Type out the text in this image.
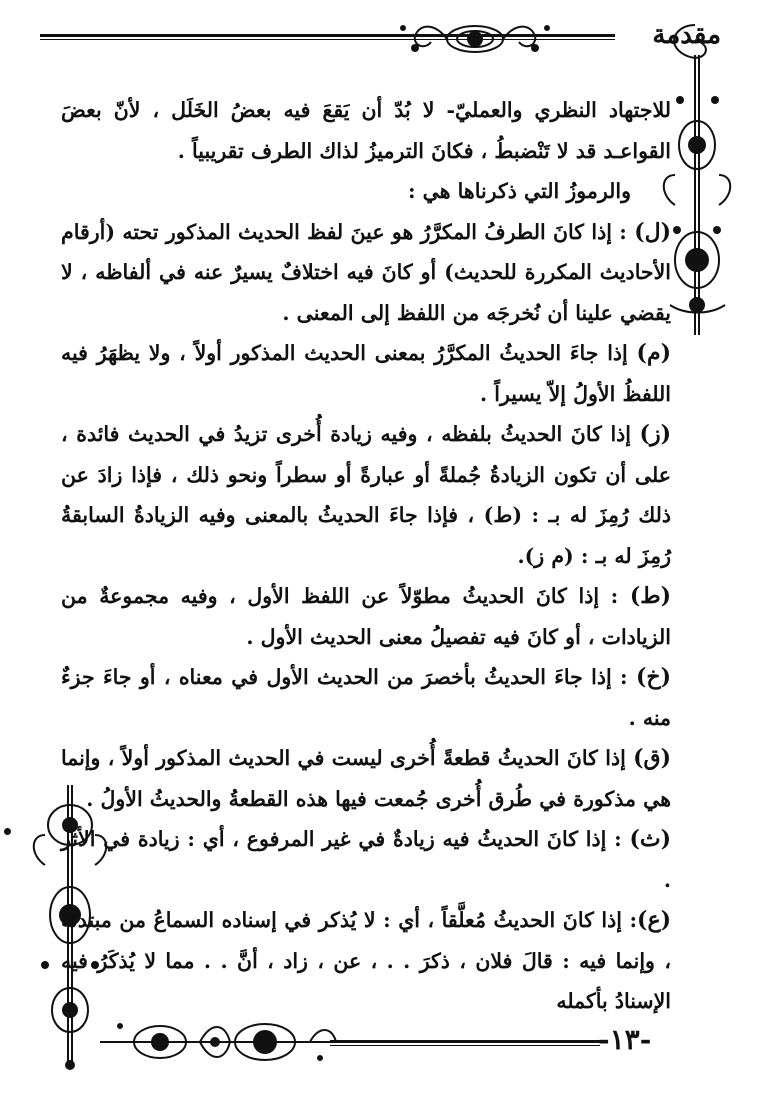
مقدمة

للاجتهاد النظري والعمليّ- لا بُدّ أن يَقعَ فيه بعضُ الخَلَل ، لأنّ بعضَ القواعـد قد لا تَنْضبطُ ، فكانَ الترميزُ لذاك الطرف تقريبياً .

والرموزُ التي ذكرناها هي :

(ل) : إذا كانَ الطرفُ المكرَّرُ هو عينَ لفظ الحديث المذكور تحته (أرقام الأحاديث المكررة للحديث) أو كانَ فيه اختلافٌ يسيرٌ عنه في ألفاظه ، لا يقضي علينا أن نُخرجَه من اللفظ إلى المعنى .

(م) إذا جاءَ الحديثُ المكرَّرُ بمعنى الحديث المذكور أولاً ، ولا يظهَرُ فيه اللفظُ الأولُ إلاّ يسيراً .

(ز) إذا كانَ الحديثُ بلفظه ، وفيه زيادة أُخرى تزيدُ في الحديث فائدة ، على أن تكون الزيادةُ جُملةً أو عبارةً أو سطراً ونحو ذلك ، فإذا زادَ عن ذلك رُمِزَ له بـ : (ط) ، فإذا جاءَ الحديثُ بالمعنى وفيه الزيادةُ السابقةُ رُمِزَ له بـ : (م ز).

(ط) : إذا كانَ الحديثُ مطوّلاً عن اللفظ الأول ، وفيه مجموعةٌ من الزيادات ، أو كانَ فيه تفصيلُ معنى الحديث الأول .

(خ) : إذا جاءَ الحديثُ بأخصرَ من الحديث الأول في معناه ، أو جاءَ جزءٌ منه .

(ق) إذا كانَ الحديثُ قطعةً أُخرى ليست في الحديث المذكور أولاً ، وإنما هي مذكورة في طُرق أُخرى جُمعت فيها هذه القطعةُ والحديثُ الأولُ .

(ث) : إذا كانَ الحديثُ فيه زيادةٌ في غير المرفوع ، أي : زيادة في الأثر .

(ع): إذا كانَ الحديثُ مُعلَّقاً ، أي : لا يُذكر في إسناده السماعُ من مبتدئه ، وإنما فيه : قالَ فلان ، ذكرَ . . ، عن ، زاد ، أنَّ . . مما لا يُذكَرُ فيه الإسنادُ بأكمله

-١٣-
